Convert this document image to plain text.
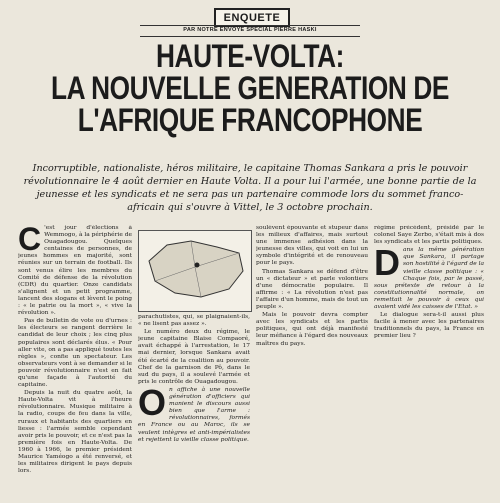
ENQUETE
PAR NOTRE ENVOYE SPECIAL PIERRE HASKI
HAUTE-VOLTA:
LA NOUVELLE GENERATION DE
L'AFRIQUE FRANCOPHONE
Incorruptible, nationaliste, héros militaire, le capitaine Thomas Sankara a pris le pouvoir révolutionnaire le 4 août dernier en Haute Volta. Il a pour lui l'armée, une bonne partie de la jeunesse et les syndicats et ne sera pas un partenaire commode lors du sommet franco-africain qui s'ouvre à Vittel, le 3 octobre prochain.

C 'est jour d'élections à Wemmogo, à la périphérie de Ouagadougou. Quelques centaines de personnes, de jeunes hommes en majorité, sont réunies sur un terrain de football. Ils sont venus élire les membres du Comité de défense de la révolution (CDR) du quartier. Onze candidats s'alignent et un petit programme, lancent des slogans et lèvent le poing : « le patrie ou la mort », « vive la révolution ».

Pas de bulletin de vote ou d'urnes : les électeurs se rangent derrière le candidat de leur choix ; les cinq plus populaires sont déclarés élus. « Pour aller vite, on a pas appliqué toutes les règles », confie un spectateur. Les observateurs vont à se demander si le pouvoir révolutionnaire n'est en fait qu'une façade à l'autorité du capitaine.

Depuis la nuit du quatre août, la Haute-Volta vit à l'heure révolutionnaire. Musique militaire à la radio, coups de feu dans la ville, ruraux et habitants des quartiers en liesse : l'armée semble cependant avoir pris le pouvoir, et ce n'est pas la première fois en Haute-Volta. De 1960 à 1966, le premier président Maurice Yaméogo a été renversé, et les militaires dirigent le pays depuis lors.

parachutistes, qui, se plaignaient-ils, « ne lisent pas assez ».

Le numéro deux du régime, le jeune capitaine Blaise Compaoré, avait échappé à l'arrestation, le 17 mai dernier, lorsque Sankara avait été écarté de la coalition au pouvoir. Chef de la garnison de Pô, dans le sud du pays, il a soulevé l'armée et pris le contrôle de Ouagadougou.

On affiche à une nouvelle génération d'officiers qui manient le discours aussi bien que l'arme : révolutionnaires, formés en France ou au Maroc, ils se veulent intègres et anti-impérialistes et rejettent la vieille classe politique.

soulèvent épouvante et stupeur dans les milieux d'affaires, mais surtout une immense adhésion dans la jeunesse des villes, qui voit en lui un symbole d'intégrité et de renouveau pour le pays.

Thomas Sankara se défend d'être un « dictateur » et parle volontiers d'une démocratie populaire. Il affirme : « La révolution n'est pas l'affaire d'un homme, mais de tout un peuple ».

Mais le pouvoir devra compter avec les syndicats et les partis politiques, qui ont déjà manifesté leur méfiance à l'égard des nouveaux maîtres du pays.

régime précédent, présidé par le colonel Saye Zerbo, s'était mis à dos les syndicats et les partis politiques.

Dans la même génération que Sankara, il partage son hostilité à l'égard de la vieille classe politique : « Chaque fois, par le passé, sous prétexte de retour à la constitutionnalité normale, on remettait le pouvoir à ceux qui avaient vidé les caisses de l'Etat. »

Le dialogue sera-t-il aussi plus facile à mener avec les partenaires traditionnels du pays, la France en premier lieu ?
